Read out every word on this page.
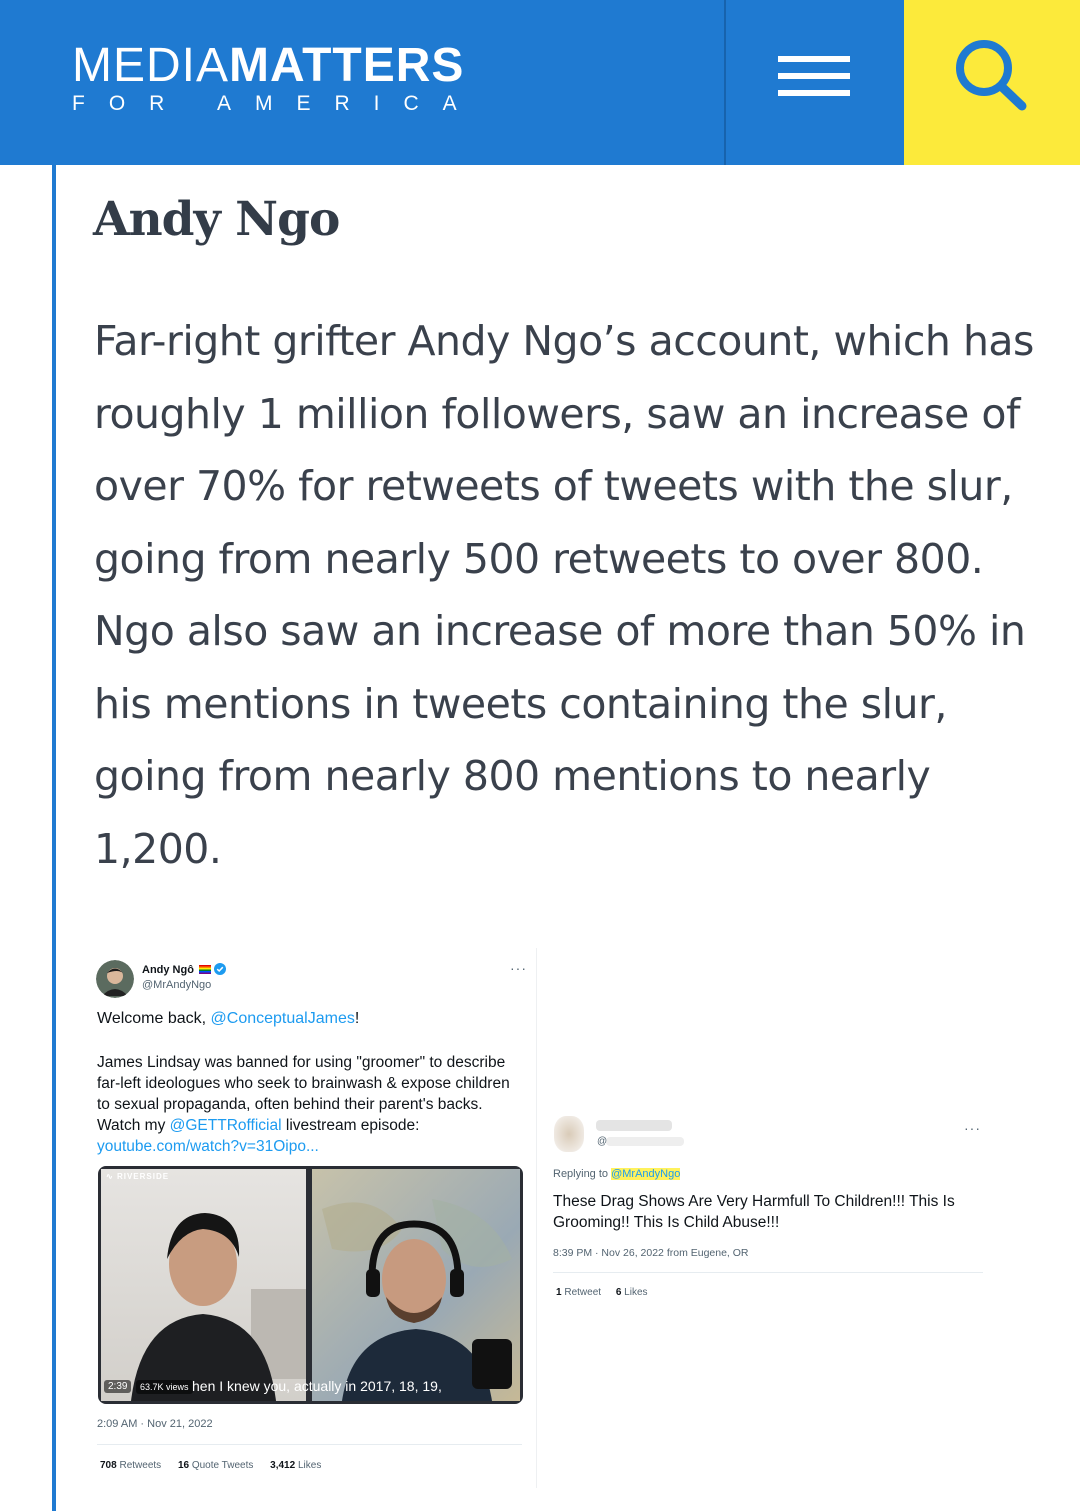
MEDIAMATTERS
FOR AMERICA
Andy Ngo

Far-right grifter Andy Ngo’s account, which has roughly 1 million followers, saw an increase of over 70% for retweets of tweets with the slur, going from nearly 500 retweets to over 800. Ngo also saw an increase of more than 50% in his mentions in tweets containing the slur, going from nearly 800 mentions to nearly 1,200.

Andy Ngô
@MrAndyNgo
···
Welcome back, @ConceptualJames!
James Lindsay was banned for using "groomer" to describe far-left ideologues who seek to brainwash & expose children to sexual propaganda, often behind their parent's backs. Watch my @GETTRofficial livestream episode: youtube.com/watch?v=31Oipo...
∿ RIVERSIDE
2:39	63.7K views hen I knew you, actually in 2017, 18, 19,
2:09 AM · Nov 21, 2022
708 Retweets 16 Quote Tweets 3,412 Likes
@
···
Replying to @MrAndyNgo
These Drag Shows Are Very Harmfull To Children!!! This Is Grooming!! This Is Child Abuse!!!
8:39 PM · Nov 26, 2022 from Eugene, OR
1 Retweet 6 Likes
